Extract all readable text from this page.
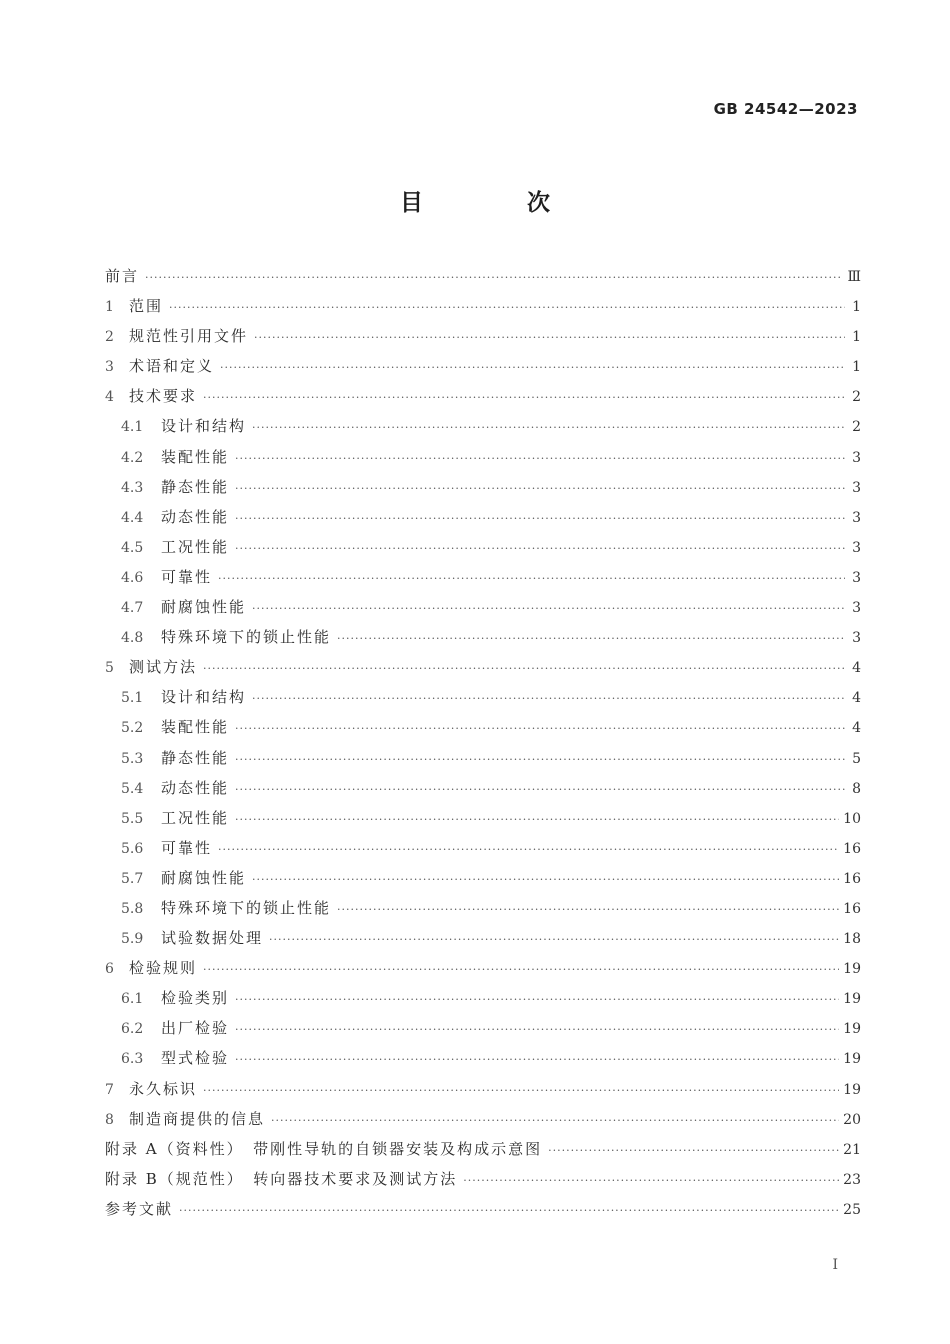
GB 24542—2023
目 次
前言 ·····	Ⅲ
1	范围 ·····	1
2	规范性引用文件 ·····	1
3	术语和定义 ·····	1
4	技术要求 ·····	2
4.1	设计和结构 ·····	2
4.2	装配性能 ·····	3
4.3	静态性能 ·····	3
4.4	动态性能 ·····	3
4.5	工况性能 ·····	3
4.6	可靠性 ·····	3
4.7	耐腐蚀性能 ·····	3
4.8	特殊环境下的锁止性能 ·····	3
5	测试方法 ·····	4
5.1	设计和结构 ·····	4
5.2	装配性能 ·····	4
5.3	静态性能 ·····	5
5.4	动态性能 ·····	8
5.5	工况性能 ·····	10
5.6	可靠性 ·····	16
5.7	耐腐蚀性能 ·····	16
5.8	特殊环境下的锁止性能 ·····	16
5.9	试验数据处理 ·····	18
6	检验规则 ·····	19
6.1	检验类别 ·····	19
6.2	出厂检验 ·····	19
6.3	型式检验 ·····	19
7	永久标识 ·····	19
8	制造商提供的信息 ·····	20
附录 A（资料性）　带刚性导轨的自锁器安装及构成示意图 ·····	21
附录 B（规范性）　转向器技术要求及测试方法 ·····	23
参考文献 ·····	25
I
